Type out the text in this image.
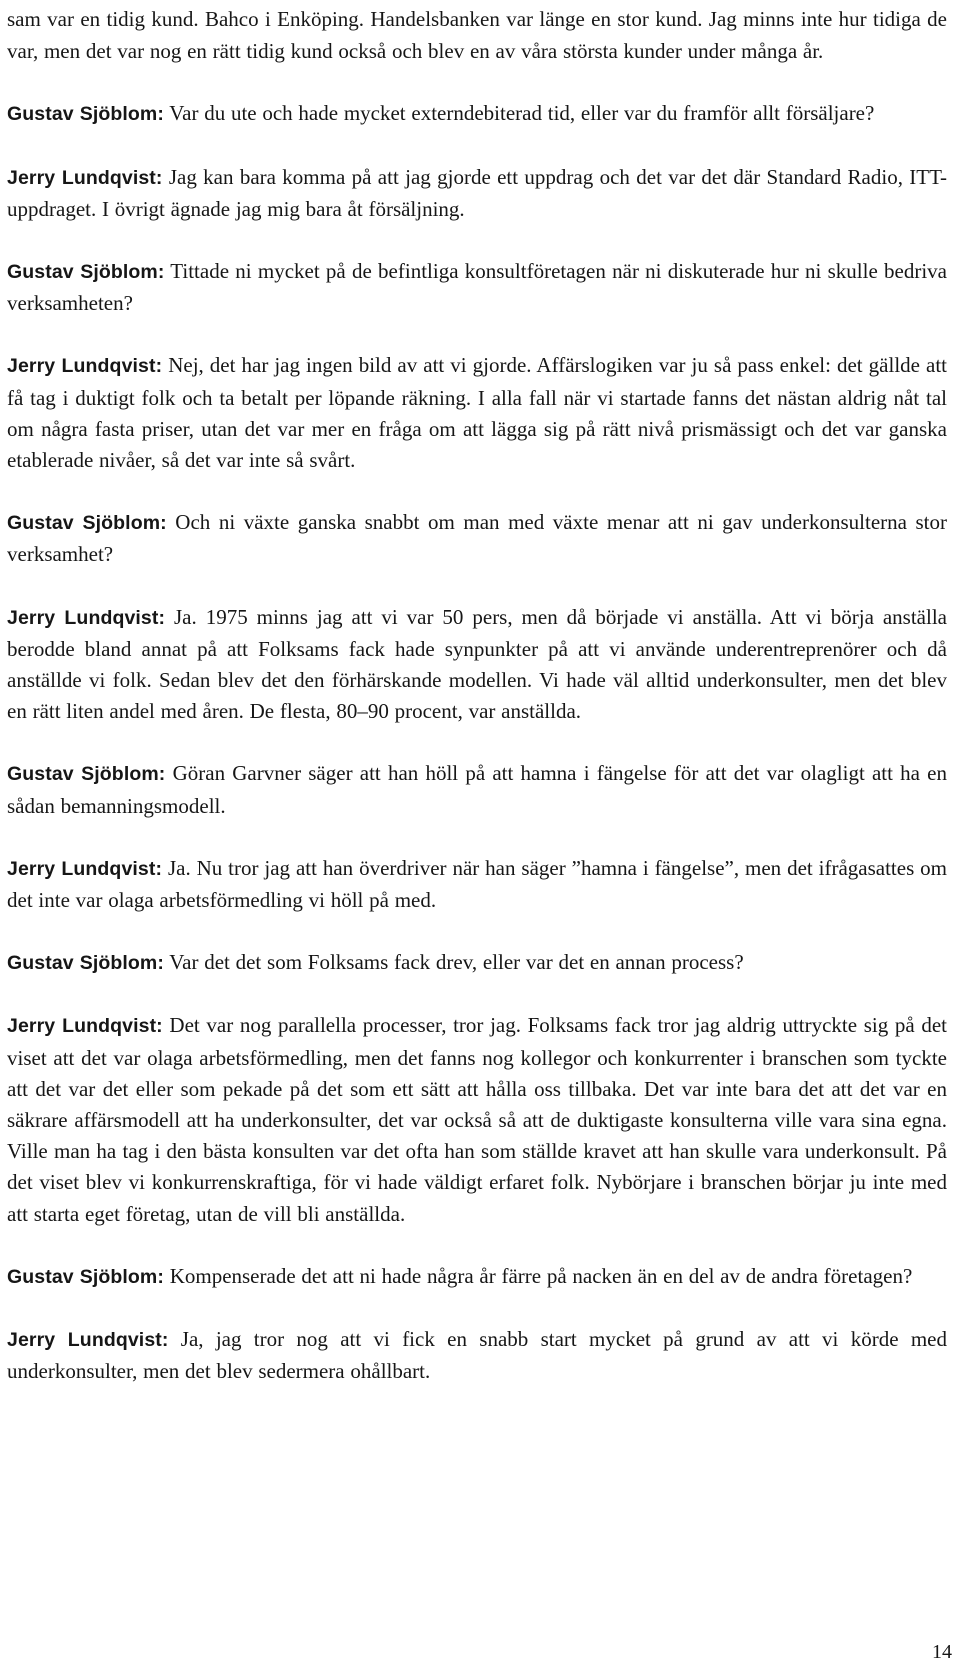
sam var en tidig kund. Bahco i Enköping. Handelsbanken var länge en stor kund. Jag minns inte hur tidiga de var, men det var nog en rätt tidig kund också och blev en av våra största kunder under många år.

Gustav Sjöblom: Var du ute och hade mycket externdebiterad tid, eller var du framför allt försäljare?

Jerry Lundqvist: Jag kan bara komma på att jag gjorde ett uppdrag och det var det där Standard Radio, ITT-uppdraget. I övrigt ägnade jag mig bara åt försäljning.

Gustav Sjöblom: Tittade ni mycket på de befintliga konsultföretagen när ni diskuterade hur ni skulle bedriva verksamheten?

Jerry Lundqvist: Nej, det har jag ingen bild av att vi gjorde. Affärslogiken var ju så pass enkel: det gällde att få tag i duktigt folk och ta betalt per löpande räkning. I alla fall när vi startade fanns det nästan aldrig nåt tal om några fasta priser, utan det var mer en fråga om att lägga sig på rätt nivå prismässigt och det var ganska etablerade nivåer, så det var inte så svårt.

Gustav Sjöblom: Och ni växte ganska snabbt om man med växte menar att ni gav underkonsulterna stor verksamhet?

Jerry Lundqvist: Ja. 1975 minns jag att vi var 50 pers, men då började vi anställa. Att vi börja anställa berodde bland annat på att Folksams fack hade synpunkter på att vi använde underentreprenörer och då anställde vi folk. Sedan blev det den förhärskande modellen. Vi hade väl alltid underkonsulter, men det blev en rätt liten andel med åren. De flesta, 80–90 procent, var anställda.

Gustav Sjöblom: Göran Garvner säger att han höll på att hamna i fängelse för att det var olagligt att ha en sådan bemanningsmodell.

Jerry Lundqvist: Ja. Nu tror jag att han överdriver när han säger ”hamna i fängelse”, men det ifrågasattes om det inte var olaga arbetsförmedling vi höll på med.

Gustav Sjöblom: Var det det som Folksams fack drev, eller var det en annan process?

Jerry Lundqvist: Det var nog parallella processer, tror jag. Folksams fack tror jag aldrig uttryckte sig på det viset att det var olaga arbetsförmedling, men det fanns nog kollegor och konkurrenter i branschen som tyckte att det var det eller som pekade på det som ett sätt att hålla oss tillbaka. Det var inte bara det att det var en säkrare affärsmodell att ha underkonsulter, det var också så att de duktigaste konsulterna ville vara sina egna. Ville man ha tag i den bästa konsulten var det ofta han som ställde kravet att han skulle vara underkonsult. På det viset blev vi konkurrenskraftiga, för vi hade väldigt erfaret folk. Nybörjare i branschen börjar ju inte med att starta eget företag, utan de vill bli anställda.

Gustav Sjöblom: Kompenserade det att ni hade några år färre på nacken än en del av de andra företagen?

Jerry Lundqvist: Ja, jag tror nog att vi fick en snabb start mycket på grund av att vi körde med underkonsulter, men det blev sedermera ohållbart.

14
